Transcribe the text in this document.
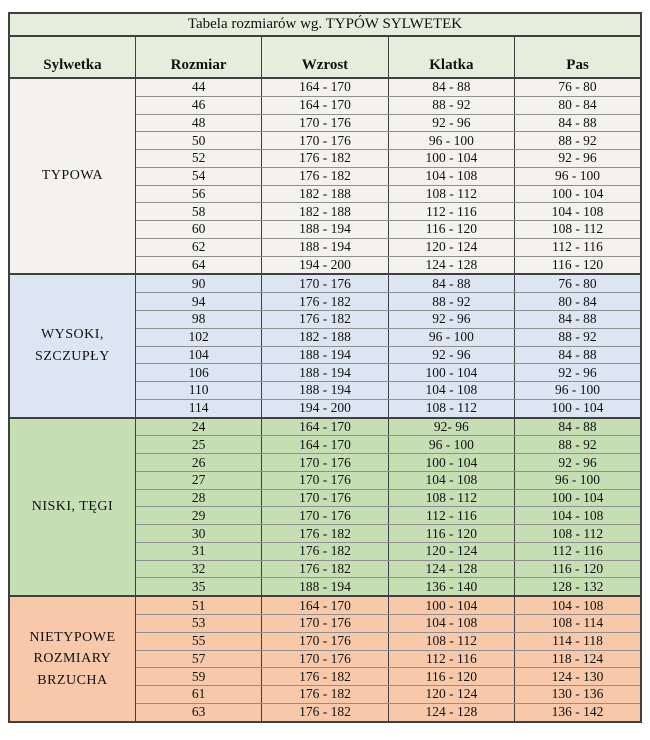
Tabela rozmiarów wg. TYPÓW SYLWETEK				
Sylwetka	Rozmiar	Wzrost	Klatka	Pas
TYPOWA	44	164 - 170	84 - 88	76 - 80
	46	164 - 170	88 - 92	80 - 84
	48	170 - 176	92 - 96	84 - 88
	50	170 - 176	96 - 100	88 - 92
	52	176 - 182	100 - 104	92 - 96
	54	176 - 182	104 - 108	96 - 100
	56	182 - 188	108 - 112	100 - 104
	58	182 - 188	112 - 116	104 - 108
	60	188 - 194	116 - 120	108 - 112
	62	188 - 194	120 - 124	112 - 116
	64	194 - 200	124 - 128	116 - 120
WYSOKI, SZCZUPŁY	90	170 - 176	84 - 88	76 - 80
	94	176 - 182	88 - 92	80 - 84
	98	176 - 182	92 - 96	84 - 88
	102	182 - 188	96 - 100	88 - 92
	104	188 - 194	92 - 96	84 - 88
	106	188 - 194	100 - 104	92 - 96
	110	188 - 194	104 - 108	96 - 100
	114	194 - 200	108 - 112	100 - 104
NISKI, TĘGI	24	164 - 170	92- 96	84 - 88
	25	164 - 170	96 - 100	88 - 92
	26	170 - 176	100 - 104	92 - 96
	27	170 - 176	104 - 108	96 - 100
	28	170 - 176	108 - 112	100 - 104
	29	170 - 176	112 - 116	104 - 108
	30	176 - 182	116 - 120	108 - 112
	31	176 - 182	120 - 124	112 - 116
	32	176 - 182	124 - 128	116 - 120
	35	188 - 194	136 - 140	128 - 132
NIETYPOWE ROZMIARY BRZUCHA	51	164 - 170	100 - 104	104 - 108
	53	170 - 176	104 - 108	108 - 114
	55	170 - 176	108 - 112	114 - 118
	57	170 - 176	112 - 116	118 - 124
	59	176 - 182	116 - 120	124 - 130
	61	176 - 182	120 - 124	130 - 136
	63	176 - 182	124 - 128	136 - 142
